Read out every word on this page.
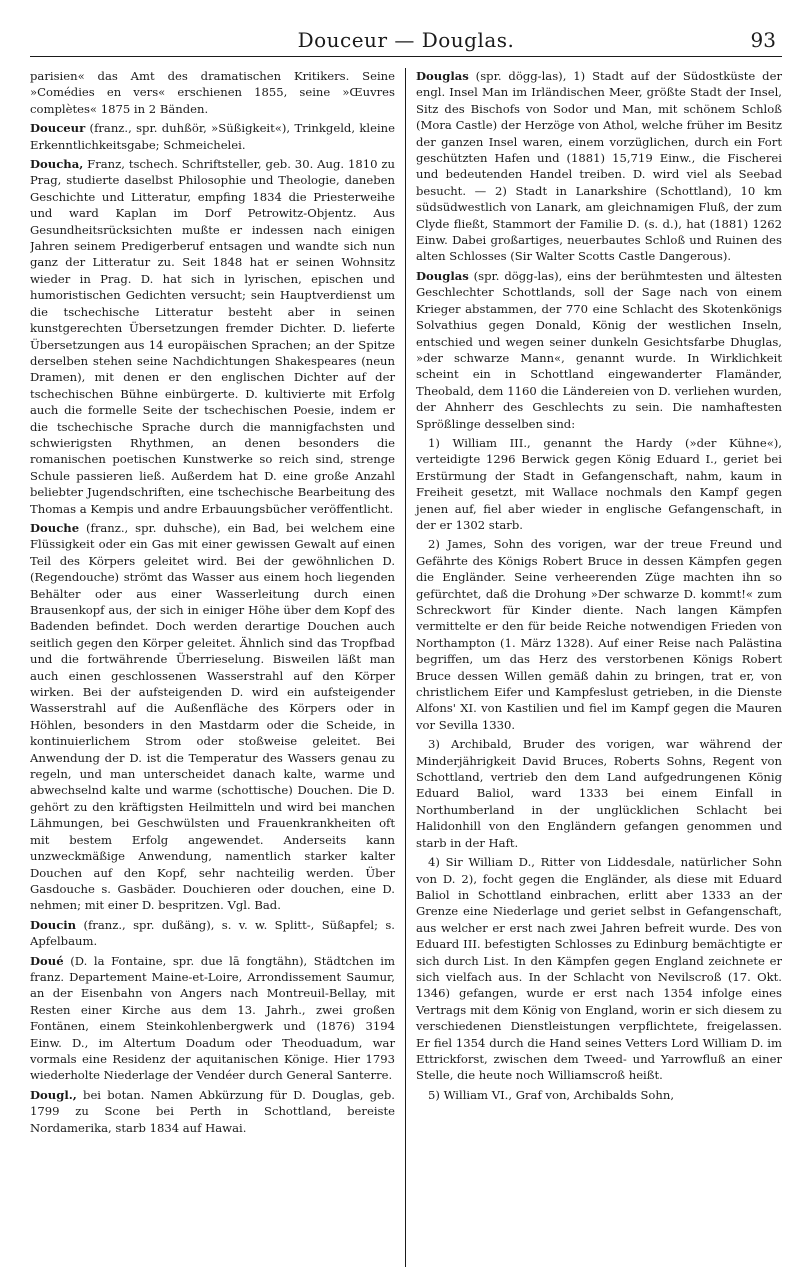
Douceur — Douglas.	93

parisien« das Amt des dramatischen Kritikers. Seine »Comédies en vers« erschienen 1855, seine »Œuvres complètes« 1875 in 2 Bänden.

Douceur (franz., spr. duhßör, »Süßigkeit«), Trinkgeld, kleine Erkenntlichkeitsgabe; Schmeichelei.

Doucha, Franz, tschech. Schriftsteller, geb. 30. Aug. 1810 zu Prag, studierte daselbst Philosophie und Theologie, daneben Geschichte und Litteratur, empfing 1834 die Priesterweihe und ward Kaplan im Dorf Petrowitz-Objentz. Aus Gesundheitsrücksichten mußte er indessen nach einigen Jahren seinem Predigerberuf entsagen und wandte sich nun ganz der Litteratur zu. Seit 1848 hat er seinen Wohnsitz wieder in Prag. D. hat sich in lyrischen, epischen und humoristischen Gedichten versucht; sein Hauptverdienst um die tschechische Litteratur besteht aber in seinen kunstgerechten Übersetzungen fremder Dichter. D. lieferte Übersetzungen aus 14 europäischen Sprachen; an der Spitze derselben stehen seine Nachdichtungen Shakespeares (neun Dramen), mit denen er den englischen Dichter auf der tschechischen Bühne einbürgerte. D. kultivierte mit Erfolg auch die formelle Seite der tschechischen Poesie, indem er die tschechische Sprache durch die mannigfachsten und schwierigsten Rhythmen, an denen besonders die romanischen poetischen Kunstwerke so reich sind, strenge Schule passieren ließ. Außerdem hat D. eine große Anzahl beliebter Jugendschriften, eine tschechische Bearbeitung des Thomas a Kempis und andre Erbauungsbücher veröffentlicht.

Douche (franz., spr. duhsche), ein Bad, bei welchem eine Flüssigkeit oder ein Gas mit einer gewissen Gewalt auf einen Teil des Körpers geleitet wird. Bei der gewöhnlichen D. (Regendouche) strömt das Wasser aus einem hoch liegenden Behälter oder aus einer Wasserleitung durch einen Brausenkopf aus, der sich in einiger Höhe über dem Kopf des Badenden befindet. Doch werden derartige Douchen auch seitlich gegen den Körper geleitet. Ähnlich sind das Tropfbad und die fortwährende Überrieselung. Bisweilen läßt man auch einen geschlossenen Wasserstrahl auf den Körper wirken. Bei der aufsteigenden D. wird ein aufsteigender Wasserstrahl auf die Außenfläche des Körpers oder in Höhlen, besonders in den Mastdarm oder die Scheide, in kontinuierlichem Strom oder stoßweise geleitet. Bei Anwendung der D. ist die Temperatur des Wassers genau zu regeln, und man unterscheidet danach kalte, warme und abwechselnd kalte und warme (schottische) Douchen. Die D. gehört zu den kräftigsten Heilmitteln und wird bei manchen Lähmungen, bei Geschwülsten und Frauenkrankheiten oft mit bestem Erfolg angewendet. Anderseits kann unzweckmäßige Anwendung, namentlich starker kalter Douchen auf den Kopf, sehr nachteilig werden. Über Gasdouche s. Gasbäder. Douchieren oder douchen, eine D. nehmen; mit einer D. bespritzen. Vgl. Bad.

Doucin (franz., spr. dußäng), s. v. w. Splitt-, Süßapfel; s. Apfelbaum.

Doué (D. la Fontaine, spr. due lā fongtähn), Städtchen im franz. Departement Maine-et-Loire, Arrondissement Saumur, an der Eisenbahn von Angers nach Montreuil-Bellay, mit Resten einer Kirche aus dem 13. Jahrh., zwei großen Fontänen, einem Steinkohlenbergwerk und (1876) 3194 Einw. D., im Altertum Doadum oder Theoduadum, war vormals eine Residenz der aquitanischen Könige. Hier 1793 wiederholte Niederlage der Vendéer durch General Santerre.

Dougl., bei botan. Namen Abkürzung für D. Douglas, geb. 1799 zu Scone bei Perth in Schottland, bereiste Nordamerika, starb 1834 auf Hawai.

Douglas (spr. dögg-las), 1) Stadt auf der Südostküste der engl. Insel Man im Irländischen Meer, größte Stadt der Insel, Sitz des Bischofs von Sodor und Man, mit schönem Schloß (Mora Castle) der Herzöge von Athol, welche früher im Besitz der ganzen Insel waren, einem vorzüglichen, durch ein Fort geschützten Hafen und (1881) 15,719 Einw., die Fischerei und bedeutenden Handel treiben. D. wird viel als Seebad besucht. — 2) Stadt in Lanarkshire (Schottland), 10 km südsüdwestlich von Lanark, am gleichnamigen Fluß, der zum Clyde fließt, Stammort der Familie D. (s. d.), hat (1881) 1262 Einw. Dabei großartiges, neuerbautes Schloß und Ruinen des alten Schlosses (Sir Walter Scotts Castle Dangerous).

Douglas (spr. dögg-las), eins der berühmtesten und ältesten Geschlechter Schottlands, soll der Sage nach von einem Krieger abstammen, der 770 eine Schlacht des Skotenkönigs Solvathius gegen Donald, König der westlichen Inseln, entschied und wegen seiner dunkeln Gesichtsfarbe Dhuglas, »der schwarze Mann«, genannt wurde. In Wirklichkeit scheint ein in Schottland eingewanderter Flamänder, Theobald, dem 1160 die Ländereien von D. verliehen wurden, der Ahnherr des Geschlechts zu sein. Die namhaftesten Sprößlinge desselben sind:

1) William III., genannt the Hardy (»der Kühne«), verteidigte 1296 Berwick gegen König Eduard I., geriet bei Erstürmung der Stadt in Gefangenschaft, nahm, kaum in Freiheit gesetzt, mit Wallace nochmals den Kampf gegen jenen auf, fiel aber wieder in englische Gefangenschaft, in der er 1302 starb.

2) James, Sohn des vorigen, war der treue Freund und Gefährte des Königs Robert Bruce in dessen Kämpfen gegen die Engländer. Seine verheerenden Züge machten ihn so gefürchtet, daß die Drohung »Der schwarze D. kommt!« zum Schreckwort für Kinder diente. Nach langen Kämpfen vermittelte er den für beide Reiche notwendigen Frieden von Northampton (1. März 1328). Auf einer Reise nach Palästina begriffen, um das Herz des verstorbenen Königs Robert Bruce dessen Willen gemäß dahin zu bringen, trat er, von christlichem Eifer und Kampfeslust getrieben, in die Dienste Alfons' XI. von Kastilien und fiel im Kampf gegen die Mauren vor Sevilla 1330.

3) Archibald, Bruder des vorigen, war während der Minderjährigkeit David Bruces, Roberts Sohns, Regent von Schottland, vertrieb den dem Land aufgedrungenen König Eduard Baliol, ward 1333 bei einem Einfall in Northumberland in der unglücklichen Schlacht bei Halidonhill von den Engländern gefangen genommen und starb in der Haft.

4) Sir William D., Ritter von Liddesdale, natürlicher Sohn von D. 2), focht gegen die Engländer, als diese mit Eduard Baliol in Schottland einbrachen, erlitt aber 1333 an der Grenze eine Niederlage und geriet selbst in Gefangenschaft, aus welcher er erst nach zwei Jahren befreit wurde. Des von Eduard III. befestigten Schlosses zu Edinburg bemächtigte er sich durch List. In den Kämpfen gegen England zeichnete er sich vielfach aus. In der Schlacht von Nevilscroß (17. Okt. 1346) gefangen, wurde er erst nach 1354 infolge eines Vertrags mit dem König von England, worin er sich diesem zu verschiedenen Dienstleistungen verpflichtete, freigelassen. Er fiel 1354 durch die Hand seines Vetters Lord William D. im Ettrickforst, zwischen dem Tweed- und Yarrowfluß an einer Stelle, die heute noch Williamscroß heißt.

5) William VI., Graf von, Archibalds Sohn,
